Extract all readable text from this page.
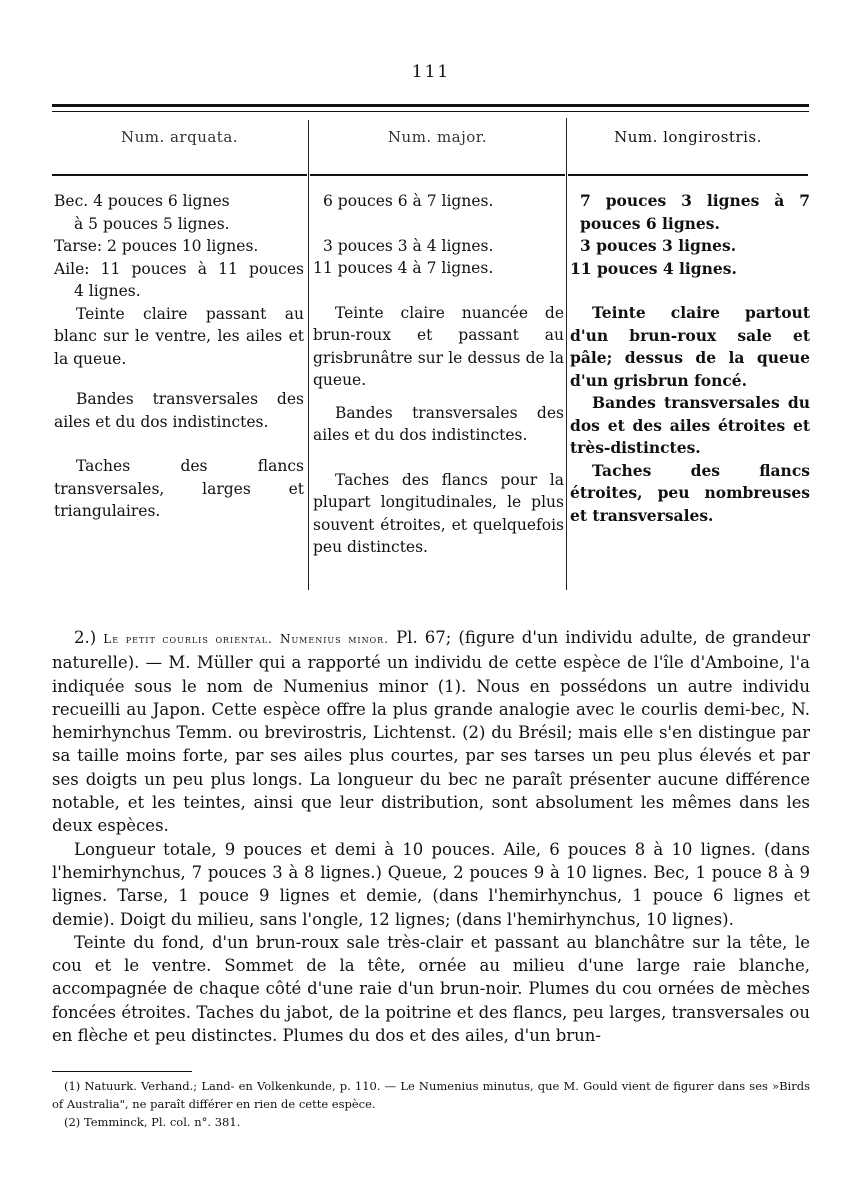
111
Num. arquata.	Num. major.	Num. longirostris.

Bec. 4 pouces 6 lignes

à 5 pouces 5 lignes.

Tarse: 2 pouces 10 lignes.

Aile: 11 pouces à 11 pouces

4 lignes.

Teinte claire passant au blanc sur le ventre, les ailes et la queue.

Bandes transversales des ailes et du dos indistinctes.

Taches des flancs transversales, larges et triangulaires.

6 pouces 6 à 7 lignes.

3 pouces 3 à 4 lignes.

11 pouces 4 à 7 lignes.

Teinte claire nuancée de brun-roux et passant au grisbrunâtre sur le dessus de la queue.

Bandes transversales des ailes et du dos indistinctes.

Taches des flancs pour la plupart longitudinales, le plus souvent étroites, et quelquefois peu distinctes.

7 pouces 3 lignes à 7 pouces 6 lignes.

3 pouces 3 lignes.

11 pouces 4 lignes.

Teinte claire partout d'un brun-roux sale et pâle; dessus de la queue d'un grisbrun foncé.

Bandes transversales du dos et des ailes étroites et très-distinctes.

Taches des flancs étroites, peu nombreuses et transversales.

2.) Le petit courlis oriental. Numenius minor. Pl. 67; (figure d'un individu adulte, de grandeur naturelle). — M. Müller qui a rapporté un individu de cette espèce de l'île d'Amboine, l'a indiquée sous le nom de Numenius minor (1). Nous en possédons un autre individu recueilli au Japon. Cette espèce offre la plus grande analogie avec le courlis demi-bec, N. hemirhynchus Temm. ou brevirostris, Lichtenst. (2) du Brésil; mais elle s'en distingue par sa taille moins forte, par ses ailes plus courtes, par ses tarses un peu plus élevés et par ses doigts un peu plus longs. La longueur du bec ne paraît présenter aucune différence notable, et les teintes, ainsi que leur distribution, sont absolument les mêmes dans les deux espèces.

Longueur totale, 9 pouces et demi à 10 pouces. Aile, 6 pouces 8 à 10 lignes. (dans l'hemirhynchus, 7 pouces 3 à 8 lignes.) Queue, 2 pouces 9 à 10 lignes. Bec, 1 pouce 8 à 9 lignes. Tarse, 1 pouce 9 lignes et demie, (dans l'hemirhynchus, 1 pouce 6 lignes et demie). Doigt du milieu, sans l'ongle, 12 lignes; (dans l'hemirhynchus, 10 lignes).

Teinte du fond, d'un brun-roux sale très-clair et passant au blanchâtre sur la tête, le cou et le ventre. Sommet de la tête, ornée au milieu d'une large raie blanche, accompagnée de chaque côté d'une raie d'un brun-noir. Plumes du cou ornées de mèches foncées étroites. Taches du jabot, de la poitrine et des flancs, peu larges, transversales ou en flèche et peu distinctes. Plumes du dos et des ailes, d'un brun-

(1) Natuurk. Verhand.; Land- en Volkenkunde, p. 110. — Le Numenius minutus, que M. Gould vient de figurer dans ses »Birds of Australia", ne paraît différer en rien de cette espèce.

(2) Temminck, Pl. col. n°. 381.
